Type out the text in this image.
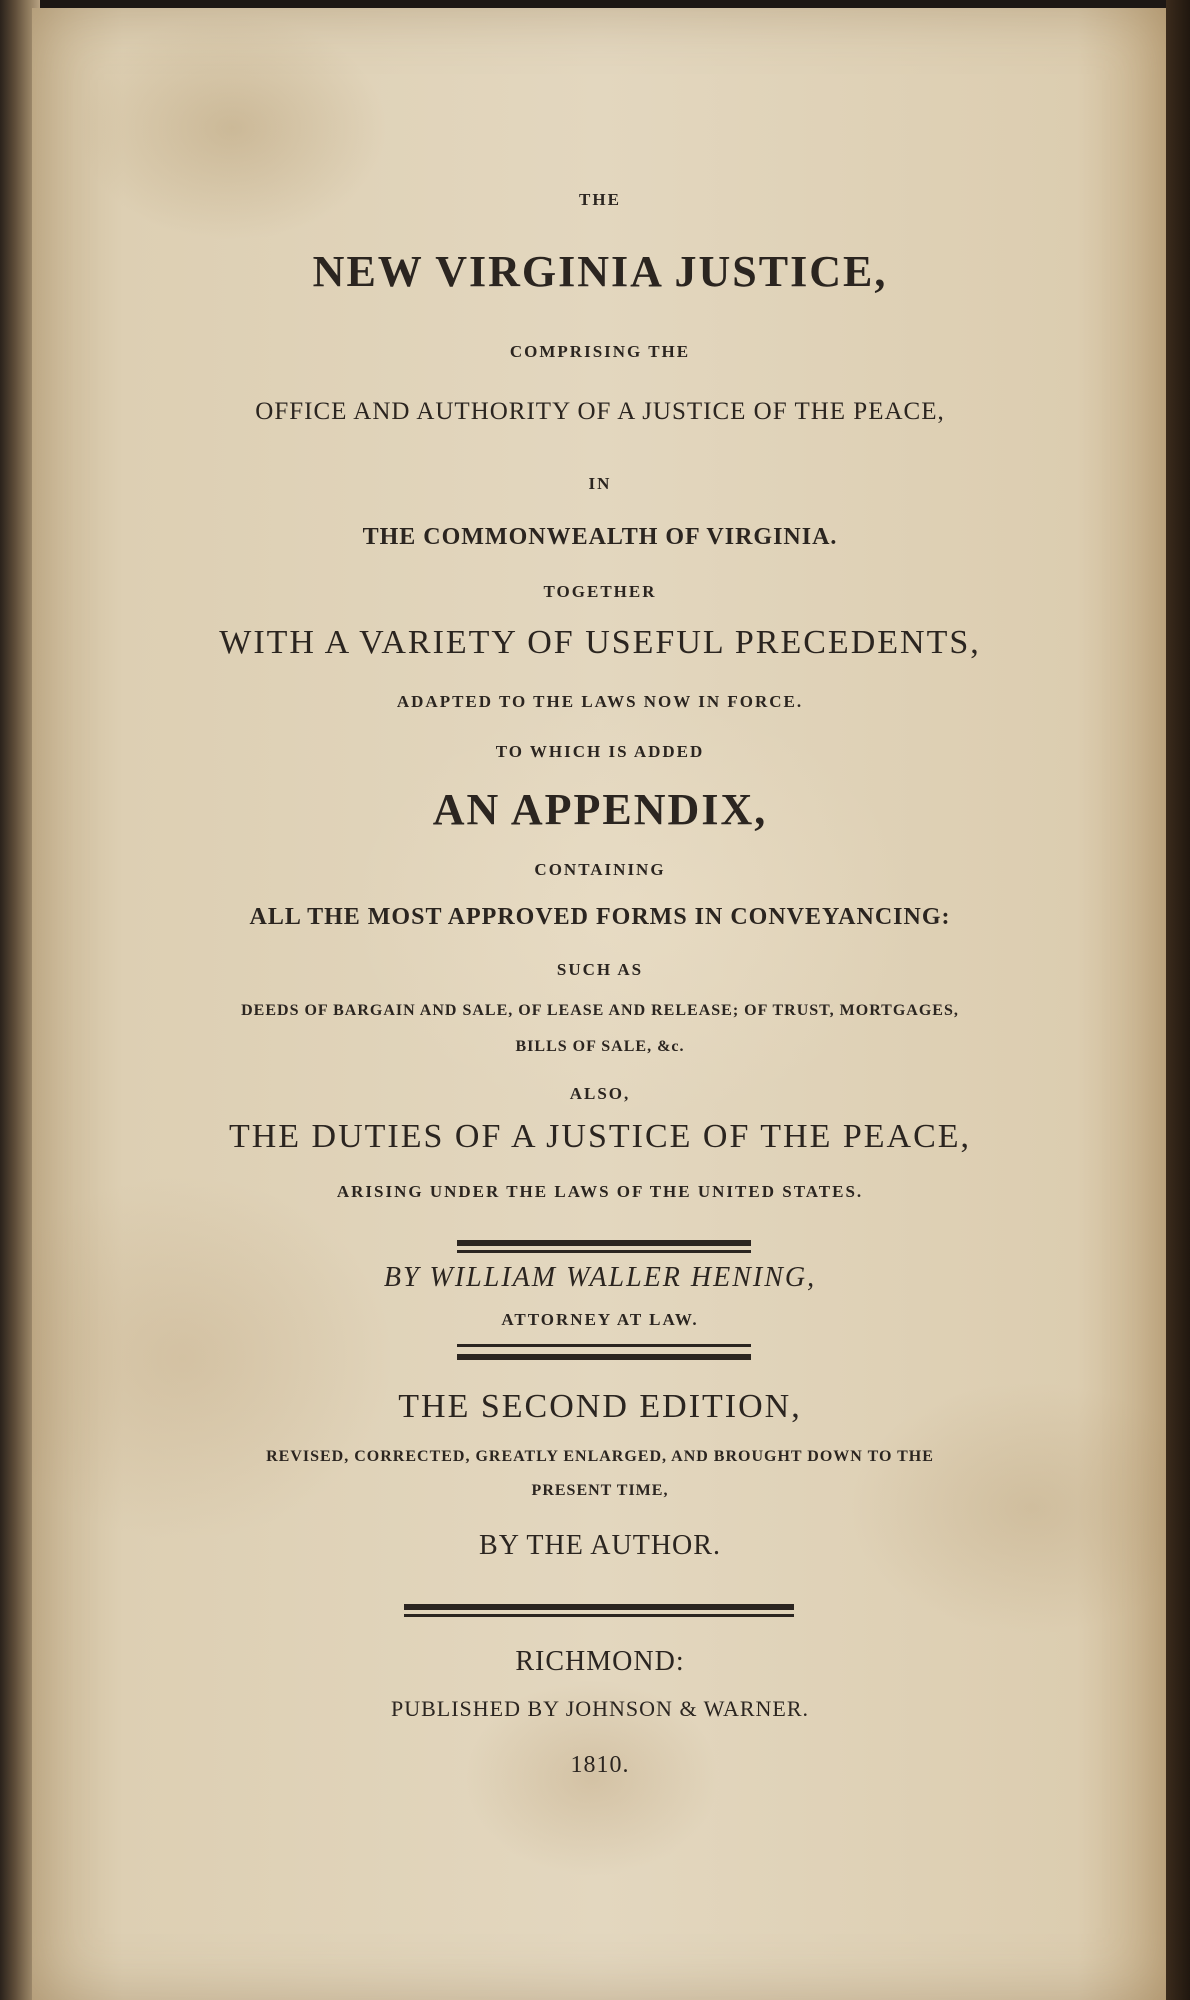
THE
NEW VIRGINIA JUSTICE,
COMPRISING THE
OFFICE AND AUTHORITY OF A JUSTICE OF THE PEACE,
IN
THE COMMONWEALTH OF VIRGINIA.
TOGETHER
WITH A VARIETY OF USEFUL PRECEDENTS,
ADAPTED TO THE LAWS NOW IN FORCE.
TO WHICH IS ADDED
AN APPENDIX,
CONTAINING
ALL THE MOST APPROVED FORMS IN CONVEYANCING:
SUCH AS
DEEDS OF BARGAIN AND SALE, OF LEASE AND RELEASE; OF TRUST, MORTGAGES,
BILLS OF SALE, &c.
ALSO,
THE DUTIES OF A JUSTICE OF THE PEACE,
ARISING UNDER THE LAWS OF THE UNITED STATES.
BY WILLIAM WALLER HENING,
ATTORNEY AT LAW.
THE SECOND EDITION,
REVISED, CORRECTED, GREATLY ENLARGED, AND BROUGHT DOWN TO THE
PRESENT TIME,
BY THE AUTHOR.
RICHMOND:
PUBLISHED BY JOHNSON & WARNER.
1810.
